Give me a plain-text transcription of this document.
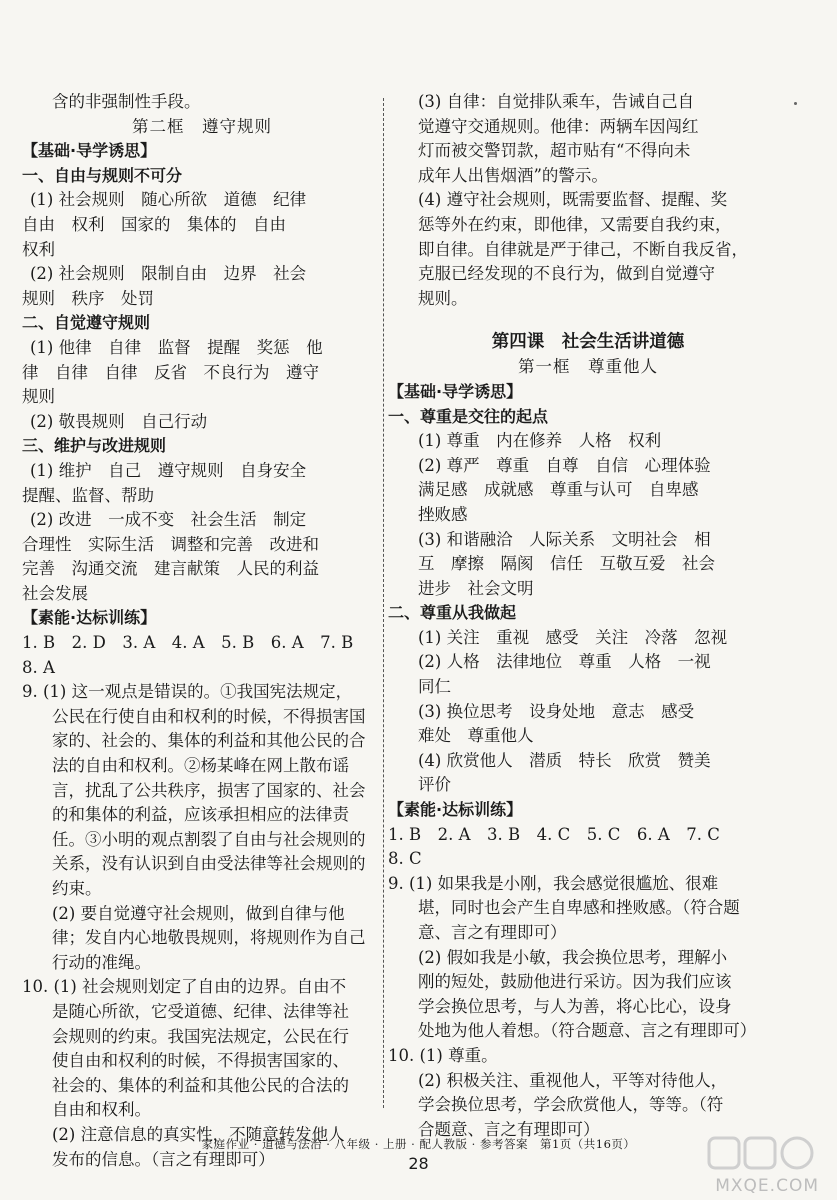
含的非强制性手段。
第二框　遵守规则
【基础·导学诱思】
一、自由与规则不可分
(1) 社会规则　随心所欲　道德　纪律
自由　权利　国家的　集体的　自由
权利
(2) 社会规则　限制自由　边界　社会
规则　秩序　处罚
二、自觉遵守规则
(1) 他律　自律　监督　提醒　奖惩　他
律　自律　自律　反省　不良行为　遵守
规则
(2) 敬畏规则　自己行动
三、维护与改进规则
(1) 维护　自己　遵守规则　自身安全
提醒、监督、帮助
(2) 改进　一成不变　社会生活　制定
合理性　实际生活　调整和完善　改进和
完善　沟通交流　建言献策　人民的利益
社会发展
【素能·达标训练】
1. B　2. D　3. A　4. A　5. B　6. A　7. B
8. A
9. (1) 这一观点是错误的。①我国宪法规定，
公民在行使自由和权利的时候，不得损害国
家的、社会的、集体的利益和其他公民的合
法的自由和权利。②杨某峰在网上散布谣
言，扰乱了公共秩序，损害了国家的、社会
的和集体的利益，应该承担相应的法律责
任。③小明的观点割裂了自由与社会规则的
关系，没有认识到自由受法律等社会规则的
约束。
(2) 要自觉遵守社会规则，做到自律与他
律；发自内心地敬畏规则，将规则作为自己
行动的准绳。
10. (1) 社会规则划定了自由的边界。自由不
是随心所欲，它受道德、纪律、法律等社
会规则的约束。我国宪法规定，公民在行
使自由和权利的时候，不得损害国家的、
社会的、集体的利益和其他公民的合法的
自由和权利。
(2) 注意信息的真实性，不随意转发他人
发布的信息。（言之有理即可）
(3) 自律：自觉排队乘车，告诫自己自
觉遵守交通规则。他律：两辆车因闯红
灯而被交警罚款，超市贴有“不得向未
成年人出售烟酒”的警示。
(4) 遵守社会规则，既需要监督、提醒、奖
惩等外在约束，即他律，又需要自我约束，
即自律。自律就是严于律己，不断自我反省，
克服已经发现的不良行为，做到自觉遵守
规则。
第四课　社会生活讲道德
第一框　尊重他人
【基础·导学诱思】
一、尊重是交往的起点
(1) 尊重　内在修养　人格　权利
(2) 尊严　尊重　自尊　自信　心理体验
满足感　成就感　尊重与认可　自卑感
挫败感
(3) 和谐融洽　人际关系　文明社会　相
互　摩擦　隔阂　信任　互敬互爱　社会
进步　社会文明
二、尊重从我做起
(1) 关注　重视　感受　关注　冷落　忽视
(2) 人格　法律地位　尊重　人格　一视
同仁
(3) 换位思考　设身处地　意志　感受
难处　尊重他人
(4) 欣赏他人　潜质　特长　欣赏　赞美
评价
【素能·达标训练】
1. B　2. A　3. B　4. C　5. C　6. A　7. C
8. C
9. (1) 如果我是小刚，我会感觉很尴尬、很难
堪，同时也会产生自卑感和挫败感。（符合题
意、言之有理即可）
(2) 假如我是小敏，我会换位思考，理解小
刚的短处，鼓励他进行采访。因为我们应该
学会换位思考，与人为善，将心比心，设身
处地为他人着想。（符合题意、言之有理即可）
10. (1) 尊重。
(2) 积极关注、重视他人，平等对待他人，
学会换位思考，学会欣赏他人，等等。（符
合题意、言之有理即可）
家庭作业 · 道德与法治 · 八年级 · 上册 · 配人教版 · 参考答案　第1页（共16页）
28
MXQE.COM
